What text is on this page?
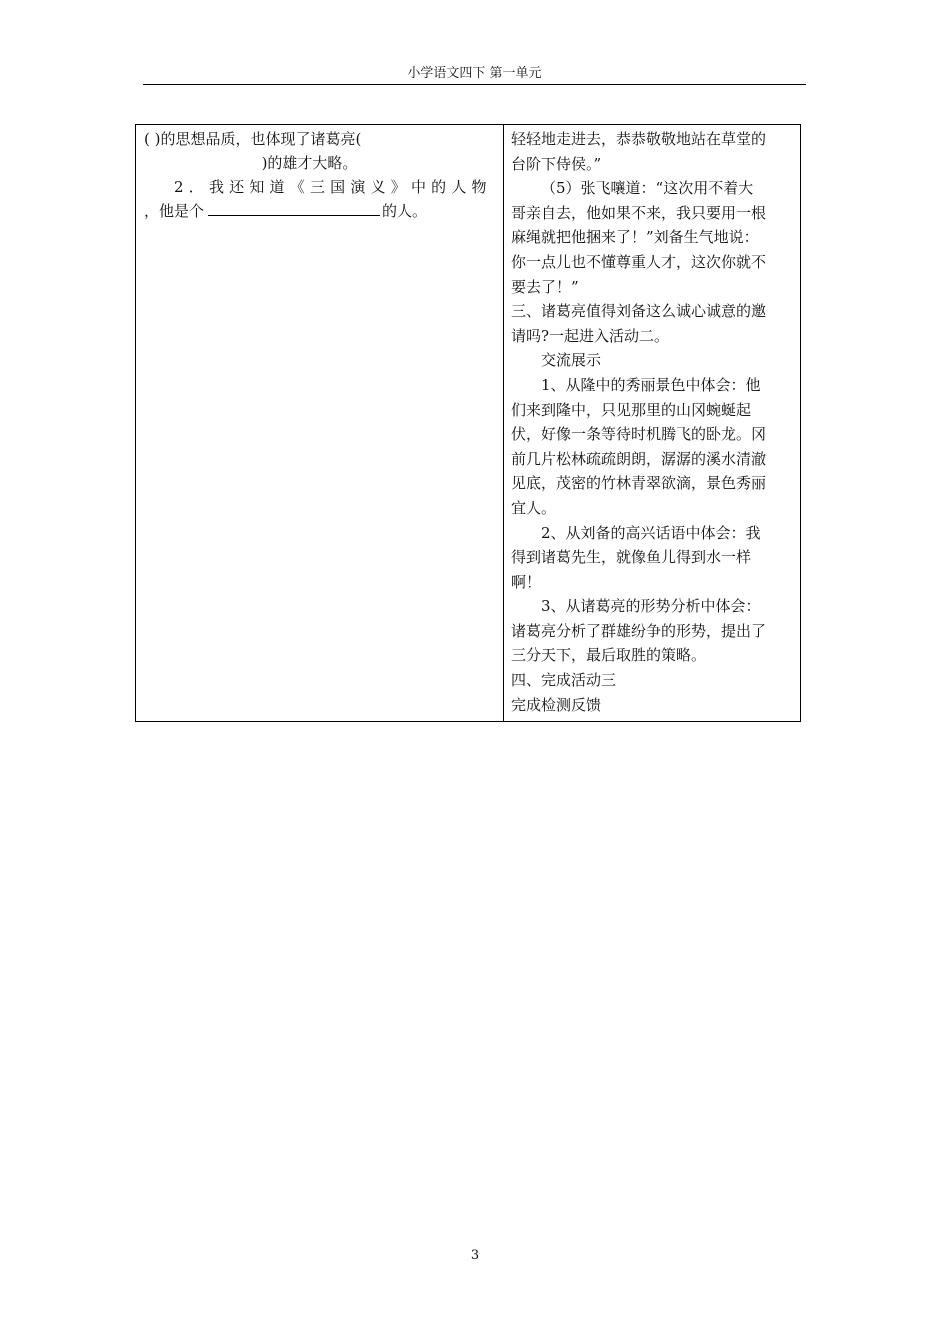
小学语文四下 第一单元
( )的思想品质，也体现了诸葛亮(
)的雄才大略。
2．我还知道《三国演义》中的人物
，他是个	的人。
轻轻地走进去，恭恭敬敬地站在草堂的
台阶下侍侯。”
（5）张飞嚷道：“这次用不着大
哥亲自去，他如果不来，我只要用一根
麻绳就把他捆来了！”刘备生气地说：
你一点儿也不懂尊重人才，这次你就不
要去了！”
三、诸葛亮值得刘备这么诚心诚意的邀
请吗?一起进入活动二。
交流展示
1、从隆中的秀丽景色中体会：他
们来到隆中，只见那里的山冈蜿蜒起
伏，好像一条等待时机腾飞的卧龙。冈
前几片松林疏疏朗朗，潺潺的溪水清澈
见底，茂密的竹林青翠欲滴，景色秀丽
宜人。
2、从刘备的高兴话语中体会：我
得到诸葛先生，就像鱼儿得到水一样
啊！
3、从诸葛亮的形势分析中体会：
诸葛亮分析了群雄纷争的形势，提出了
三分天下，最后取胜的策略。
四、完成活动三
完成检测反馈
3
